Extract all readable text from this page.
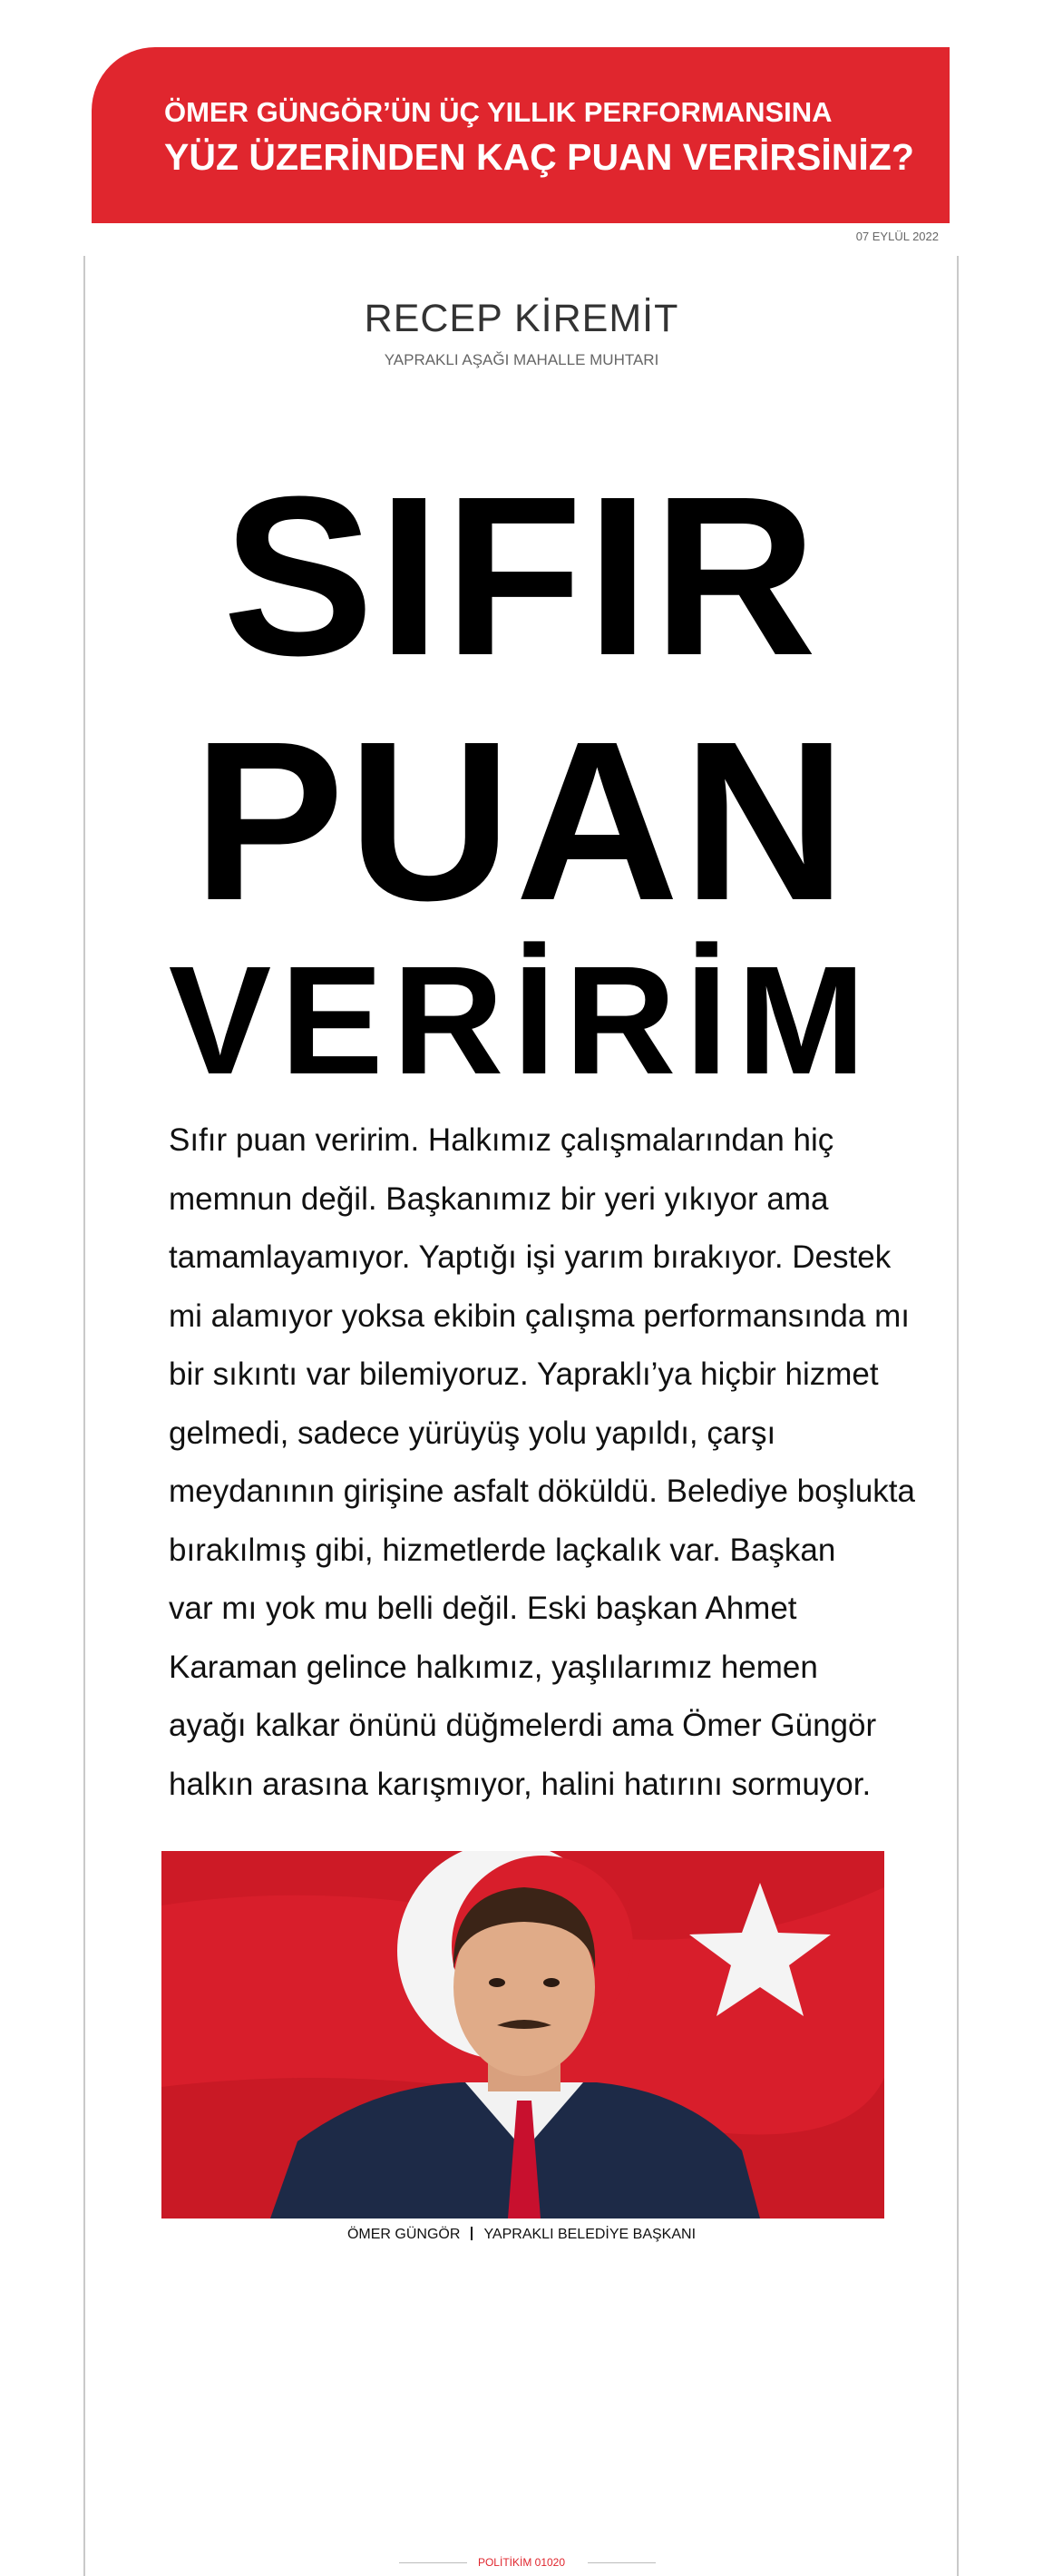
ÖMER GÜNGÖR’ÜN ÜÇ YILLIK PERFORMANSINA
YÜZ ÜZERİNDEN KAÇ PUAN VERİRSİNİZ?
07 EYLÜL 2022
RECEP KİREMİT
YAPRAKLI AŞAĞI MAHALLE MUHTARI
SIFIR
PUAN
VERİRİM
Sıfır puan veririm. Halkımız çalışmalarından hiç
memnun değil. Başkanımız bir yeri yıkıyor ama
tamamlayamıyor. Yaptığı işi yarım bırakıyor. Destek
mi alamıyor yoksa ekibin çalışma performansında mı
bir sıkıntı var bilemiyoruz. Yapraklı’ya hiçbir hizmet
gelmedi, sadece yürüyüş yolu yapıldı, çarşı
meydanının girişine asfalt döküldü. Belediye boşlukta
bırakılmış gibi, hizmetlerde laçkalık var. Başkan
var mı yok mu belli değil. Eski başkan Ahmet
Karaman gelince halkımız, yaşlılarımız hemen
ayağı kalkar önünü düğmelerdi ama Ömer Güngör
halkın arasına karışmıyor, halini hatırını sormuyor.
ÖMER GÜNGÖR YAPRAKLI BELEDİYE BAŞKANI
POLİTİKİM 01020
